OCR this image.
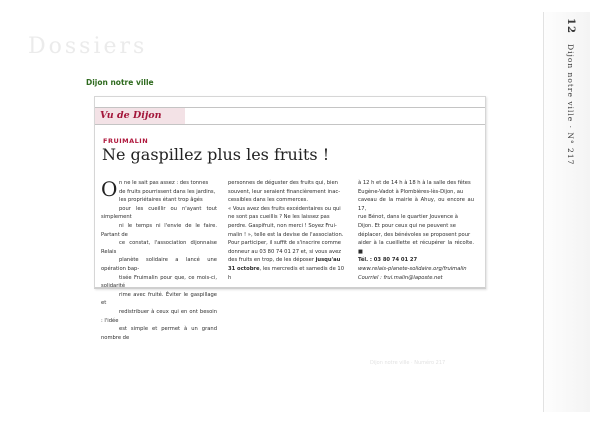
Dossiers
Dijon notre ville
12   Dijon notre ville · N° 217
Dijon notre ville · Numéro 217
Vu de Dijon
FRUIMALIN
Ne gaspillez plus les fruits !
O n ne le sait pas assez : des tonnes
de fruits pourrissent dans les jardins,
les propriétaires étant trop âgés
pour les cueillir ou n'ayant tout simplement
ni le temps ni l'envie de le faire. Partant de
ce constat, l'association dijonnaise Relais
planète solidaire a lancé une opération bap-
tisée Fruimalin pour que, ce mois-ci, solidarité
rime avec fruité. Éviter le gaspillage et
redistribuer à ceux qui en ont besoin : l'idée
est simple et permet à un grand nombre de
personnes de déguster des fruits qui, bien
souvent, leur seraient financièrement inac-
cessibles dans les commerces.
« Vous avez des fruits excédentaires ou qui
ne sont pas cueillis ? Ne les laissez pas
perdre. Gaspifruit, non merci ! Soyez Frui-
malin ! », telle est la devise de l'association.
Pour participer, il suffit de s'inscrire comme
donneur au 03 80 74 01 27 et, si vous avez
des fruits en trop, de les déposer jusqu'au
31 octobre, les mercredis et samedis de 10 h
à 12 h et de 14 h à 18 h à la salle des fêtes
Eugène-Vadot à Plombières-lès-Dijon, au
caveau de la mairie à Ahuy, ou encore au 17,
rue Bénot, dans le quartier Jouvence à
Dijon. Et pour ceux qui ne peuvent se
déplacer, des bénévoles se proposent pour
aider à la cueillette et récupérer la récolte. ■
Tél. : 03 80 74 01 27
www.relais-planete-solidaire.org/fruimalin
Courriel : frui.malin@laposte.net
